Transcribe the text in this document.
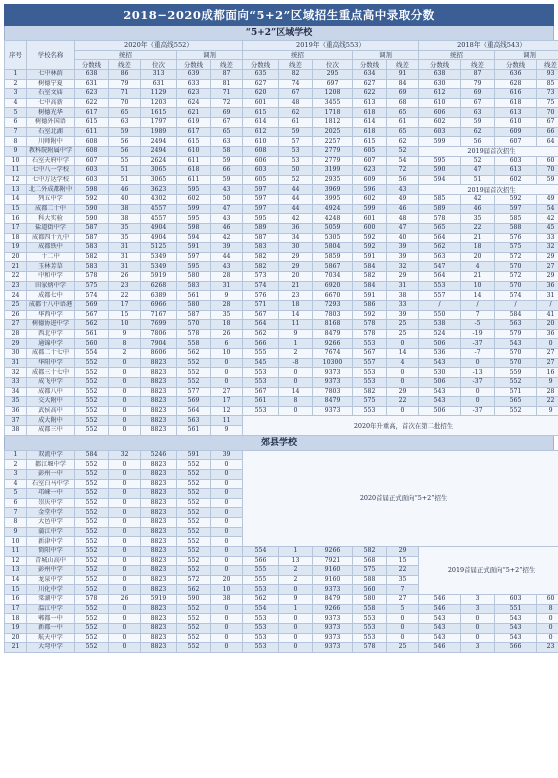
2018−2020成都面向“5+2”区域招生重点高中录取分数
“5+2”区域学校
序号	学校名称	2020年（重高线552）					2019年（重高线553）					2018年（重高线543）			
		统招			调剂		统招			调剂		统招		调剂	
		分数线	线差	位次	分数线	线差	分数线	线差	位次	分数线	线差	分数线	线差	分数线	线差
1	七中林荫	638	86	313	639	87	635	82	295	634	91	638	87	636	93
2	树德宁夏	631	79	631	633	81	627	74	697	627	84	630	79	628	85
3	石室文庙	623	71	1129	623	71	620	67	1208	622	69	612	69	616	73
4	七中高新	622	70	1203	624	72	601	48	3455	613	68	610	67	618	75
5	树德光华	617	65	1615	621	69	615	62	1718	618	65	606	63	613	70
6	树德外国语	615	63	1797	619	67	614	61	1812	614	61	602	59	610	67
7	石室北湖	611	59	1989	617	65	612	59	2025	618	65	603	62	609	66
8	川师附中	608	56	2494	615	63	610	57	2257	615	62	599	56	607	64
9	教科院附属中学	608	56	2494	610	58	608	53	2779	605	52	2019届首次招生			
10	石室天府中学	607	55	2624	611	59	606	53	2779	607	54	595	52	603	60
11	七中八一学校	603	51	3065	618	66	603	50	3199	623	72	590	47	613	70
12	七中万达学校	603	51	3065	611	59	605	52	2935	609	56	594	51	602	59
13	北二外成都附中	598	46	3623	595	43	597	44	3969	596	43	2019届首次招生			
14	列五中学	592	40	4302	602	50	597	44	3995	602	49	585	42	592	49
15	成都二十中	590	38	4557	599	47	597	44	4924	599	46	589	46	597	54
16	科大实验	590	38	4557	595	43	595	42	4248	601	48	578	35	585	42
17	盐道街中学	587	35	4904	598	46	589	36	5059	600	47	565	22	588	45
18	成都四十九中	587	35	4904	594	42	587	34	5305	592	40	564	21	576	33
19	成都铁中	583	31	5125	591	39	583	30	5804	592	39	562	18	575	32
20	十二中	582	31	5349	597	44	582	29	5859	591	39	563	20	572	29
21	玉林芳草	583	31	5349	595	43	582	29	5867	584	32	547	4	570	27
22	中和中学	578	26	5919	580	28	573	20	7034	582	29	564	21	572	29
23	田家炳中学	575	23	6268	583	31	574	21	6920	584	31	553	10	570	36
24	成都七中	574	22	6389	561	9	576	23	6670	591	38	557	14	574	31
25	成都十八中语港	569	17	6966	580	28	571	18	7293	586	33	/	/	/	/
26	华西中学	567	15	7167	587	35	567	14	7803	592	39	550	7	584	41
27	树德协进中学	562	10	7699	570	18	564	11	8168	578	25	538	-5	563	20
28	西北中学	561	9	7806	578	26	562	9	8479	578	25	524	-19	579	36
29	通锦中学	560	8	7904	558	6	566	1	9266	553	0	506	-37	543	0
30	成都二十七中	554	2	8606	562	10	555	2	7674	567	14	536	-7	570	27
31	华阳中学	552	0	8823	552	0	545	-8	10300	557	4	543	0	570	27
32	成都三十七中	552	0	8823	552	0	553	0	9373	553	0	530	-13	559	16
33	成飞中学	552	0	8823	552	0	553	0	9373	553	0	506	-37	552	9
34	成都八中	552	0	8823	577	27	567	14	7803	582	29	543	0	571	28
35	交大附中	552	0	8823	569	17	561	8	8479	575	22	543	0	565	22
36	武侯高中	552	0	8823	564	12	553	0	9373	553	0	506	-37	552	9
37	成大附中	552	0	8823	563	11	2020年升重高，首次在第二批招生								
38	成都三中	552	0	8823	561	9									
郊县学校
1	双流中学	584	32	5246	591	39	2020首届正式面向“5+2”招生								
2	都江堰中学	552	0	8823	552	0									
3	彭州一中	552	0	8823	552	0									
4	石室白马中学	552	0	8823	552	0									
5	邛崃一中	552	0	8823	552	0									
6	崇庆中学	552	0	8823	552	0									
7	金堂中学	552	0	8823	552	0									
8	大邑中学	552	0	8823	552	0									
9	蒲江中学	552	0	8823	552	0									
10	新津中学	552	0	8823	552	0									
11	简阳中学	552	0	8823	552	0	554	1	9266	582	29	2019首届正式面向“5+2”招生			
12	青城山高中	552	0	8823	552	0	566	13	7921	568	15				
13	彭州中学	552	0	8823	552	0	555	2	9160	575	22				
14	龙泉中学	552	0	8823	572	20	555	2	9160	588	35				
15	川化中学	552	0	8823	562	10	553	0	9373	560	7				
16	棠湖中学	578	26	5919	590	38	562	9	8479	580	27	546	3	603	60
17	温江中学	552	0	8823	552	0	554	1	9266	558	5	546	3	551	8
18	郫都一中	552	0	8823	552	0	553	0	9373	553	0	543	0	543	0
19	新都一中	552	0	8823	552	0	553	0	9373	553	0	543	0	543	0
20	航天中学	552	0	8823	552	0	553	0	9373	553	0	543	0	543	0
21	大弯中学	552	0	8823	552	0	553	0	9373	578	25	546	3	566	23
